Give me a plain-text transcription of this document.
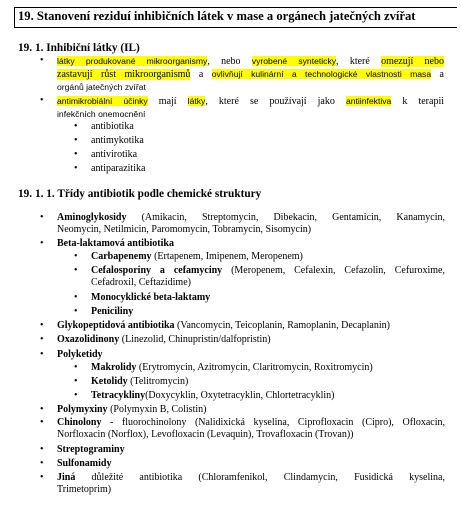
19. Stanovení reziduí inhibičních látek v mase a orgánech jatečných zvířat
19. 1. Inhibiční látky (IL)
• látky produkované mikroorganismy, nebo vyrobené synteticky, které omezují nebo
zastavují růst mikroorganismů a ovlivňují kulinární a technologické vlastnosti masa a
orgánů jatečných zvířat
• antimikrobiální účinky mají látky, které se používají jako antiinfektiva k terapii
infekčních onemocnění
• antibiotika
• antimykotika
• antivirotika
• antiparazitika
19. 1. 1. Třídy antibiotik podle chemické struktury
• Aminoglykosidy (Amikacin, Streptomycin, Dibekacin, Gentamicin, Kanamycin,
Neomycin, Netilmicin, Paromomycin, Tobramycin, Sisomycin)
• Beta-laktamová antibiotika
• Carbapenemy (Ertapenem, Imipenem, Meropenem)
• Cefalosporiny a cefamyciny (Meropenem, Cefalexin, Cefazolin, Cefuroxime,
Cefadroxil, Ceftazidime)
• Monocyklické beta-laktamy
• Peniciliny
• Glykopeptidová antibiotika (Vancomycin, Teicoplanin, Ramoplanin, Decaplanin)
• Oxazolidinony (Linezolid, Chinupristin/dalfopristin)
• Polyketidy
• Makrolidy (Erytromycin, Azitromycin, Claritromycin, Roxitromycin)
• Ketolidy (Telitromycin)
• Tetracykliny(Doxycyklin, Oxytetracyklin, Chlortetracyklin)
• Polymyxiny (Polymyxin B, Colistin)
• Chinolony - fluorochinolony (Nalidixická kyselina, Ciprofloxacin (Cipro), Ofloxacin,
Norfloxacin (Norflox), Levofloxacin (Levaquin), Trovafloxacin (Trovan))
• Streptograminy
• Sulfonamidy
• Jiná důležité antibiotika (Chloramfenikol, Clindamycin, Fusidická kyselina,
Trimetoprim)
